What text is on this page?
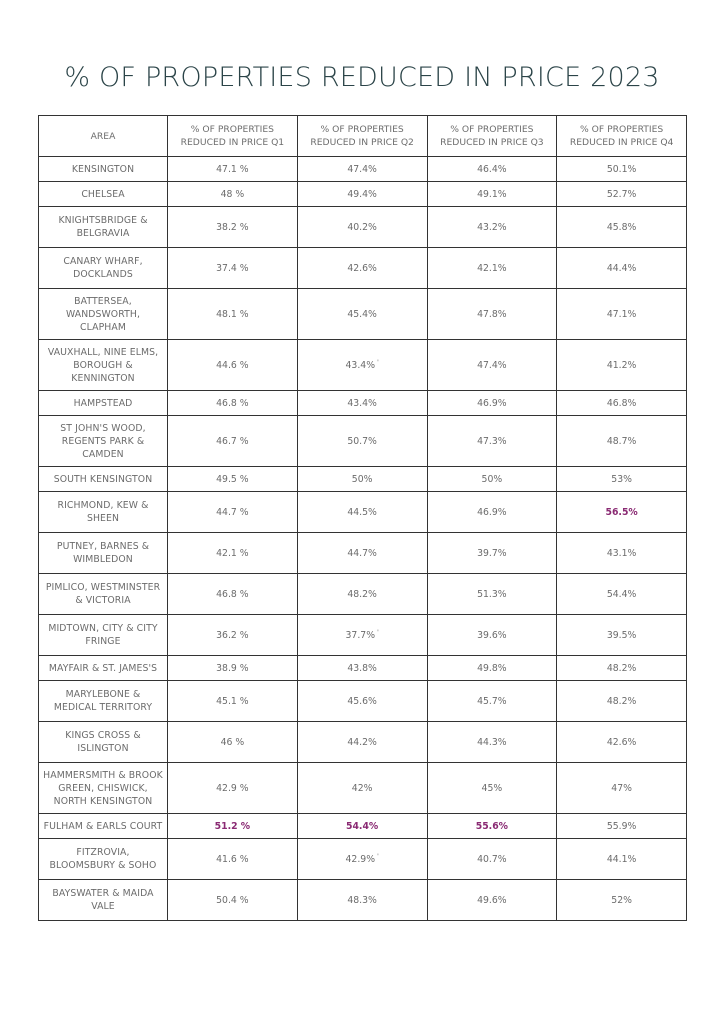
% OF PROPERTIES REDUCED IN PRICE 2023
AREA	% OF PROPERTIES REDUCED IN PRICE Q1	% OF PROPERTIES REDUCED IN PRICE Q2	% OF PROPERTIES REDUCED IN PRICE Q3	% OF PROPERTIES REDUCED IN PRICE Q4
KENSINGTON	47.1 %	47.4%	46.4%	50.1%
CHELSEA	48 %	49.4%	49.1%	52.7%
KNIGHTSBRIDGE & BELGRAVIA	38.2 %	40.2%	43.2%	45.8%
CANARY WHARF, DOCKLANDS	37.4 %	42.6%	42.1%	44.4%
BATTERSEA, WANDSWORTH, CLAPHAM	48.1 %	45.4%	47.8%	47.1%
VAUXHALL, NINE ELMS, BOROUGH & KENNINGTON	44.6 %	43.4% '	47.4%	41.2%
HAMPSTEAD	46.8 %	43.4%	46.9%	46.8%
ST JOHN'S WOOD, REGENTS PARK & CAMDEN	46.7 %	50.7%	47.3%	48.7%
SOUTH KENSINGTON	49.5 %	50%	50%	53%
RICHMOND, KEW & SHEEN	44.7 %	44.5%	46.9%	56.5%
PUTNEY, BARNES & WIMBLEDON	42.1 %	44.7%	39.7%	43.1%
PIMLICO, WESTMINSTER & VICTORIA	46.8 %	48.2%	51.3%	54.4%
MIDTOWN, CITY & CITY FRINGE	36.2 %	37.7% '	39.6%	39.5%
MAYFAIR & ST. JAMES'S	38.9 %	43.8%	49.8%	48.2%
MARYLEBONE & MEDICAL TERRITORY	45.1 %	45.6%	45.7%	48.2%
KINGS CROSS & ISLINGTON	46 %	44.2%	44.3%	42.6%
HAMMERSMITH & BROOK GREEN, CHISWICK, NORTH KENSINGTON	42.9 %	42%	45%	47%
FULHAM & EARLS COURT	51.2 %	54.4%	55.6%	55.9%
FITZROVIA, BLOOMSBURY & SOHO	41.6 %	42.9% '	40.7%	44.1%
BAYSWATER & MAIDA VALE	50.4 %	48.3%	49.6%	52%
